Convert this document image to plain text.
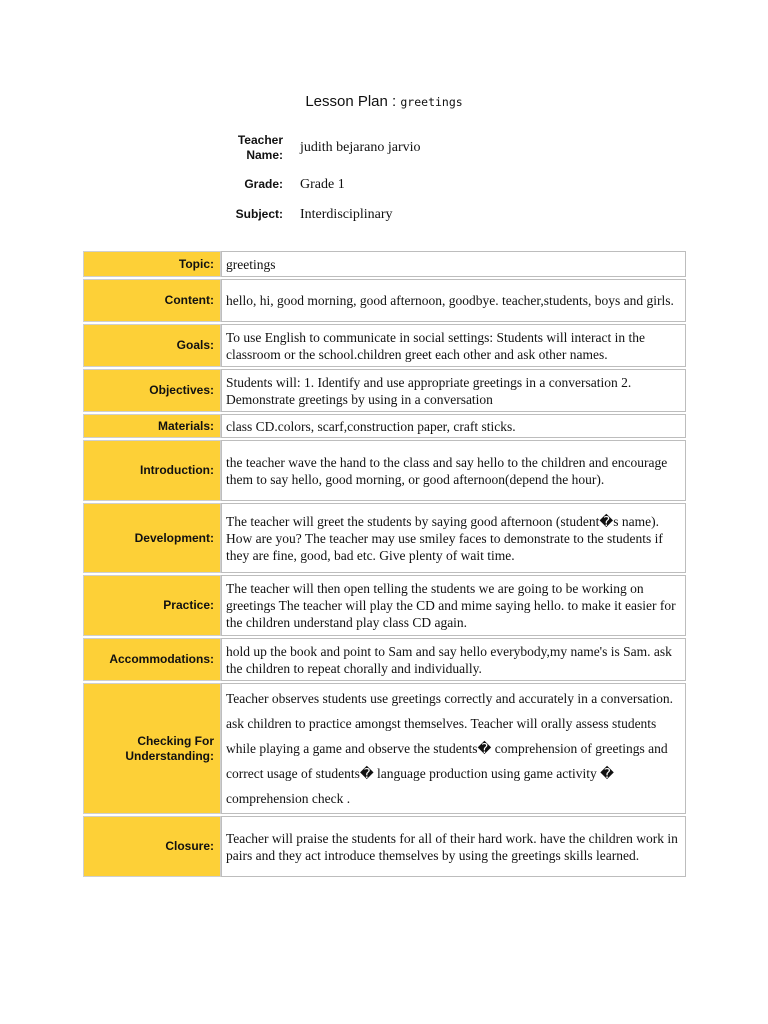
Lesson Plan : greetings
Teacher
Name: judith bejarano jarvio
Grade: Grade 1
Subject: Interdisciplinary
Topic:	greetings
Content:	hello, hi, good morning, good afternoon, goodbye. teacher,students, boys and girls.
Goals:	To use English to communicate in social settings: Students will interact in the classroom or the school.children greet each other and ask other names.
Objectives:	Students will: 1. Identify and use appropriate greetings in a conversation 2. Demonstrate greetings by using in a conversation
Materials:	class CD.colors, scarf,construction paper, craft sticks.
Introduction:	the teacher wave the hand to the class and say hello to the children and encourage them to say hello, good morning, or good afternoon(depend the hour).
Development:	The teacher will greet the students by saying good afternoon (student�s name). How are you? The teacher may use smiley faces to demonstrate to the students if they are fine, good, bad etc. Give plenty of wait time.
Practice:	The teacher will then open telling the students we are going to be working on greetings The teacher will play the CD and mime saying hello. to make it easier for the children understand play class CD again.
Accommodations:	hold up the book and point to Sam and say hello everybody,my name's is Sam. ask the children to repeat chorally and individually.

Checking For
Understanding:	Teacher observes students use greetings correctly and accurately in a conversation. ask children to practice amongst themselves. Teacher will orally assess students while playing a game and observe the students� comprehension of greetings and correct usage of students� language production using game activity � comprehension check .
Closure:	Teacher will praise the students for all of their hard work. have the children work in pairs and they act introduce themselves by using the greetings skills learned.
